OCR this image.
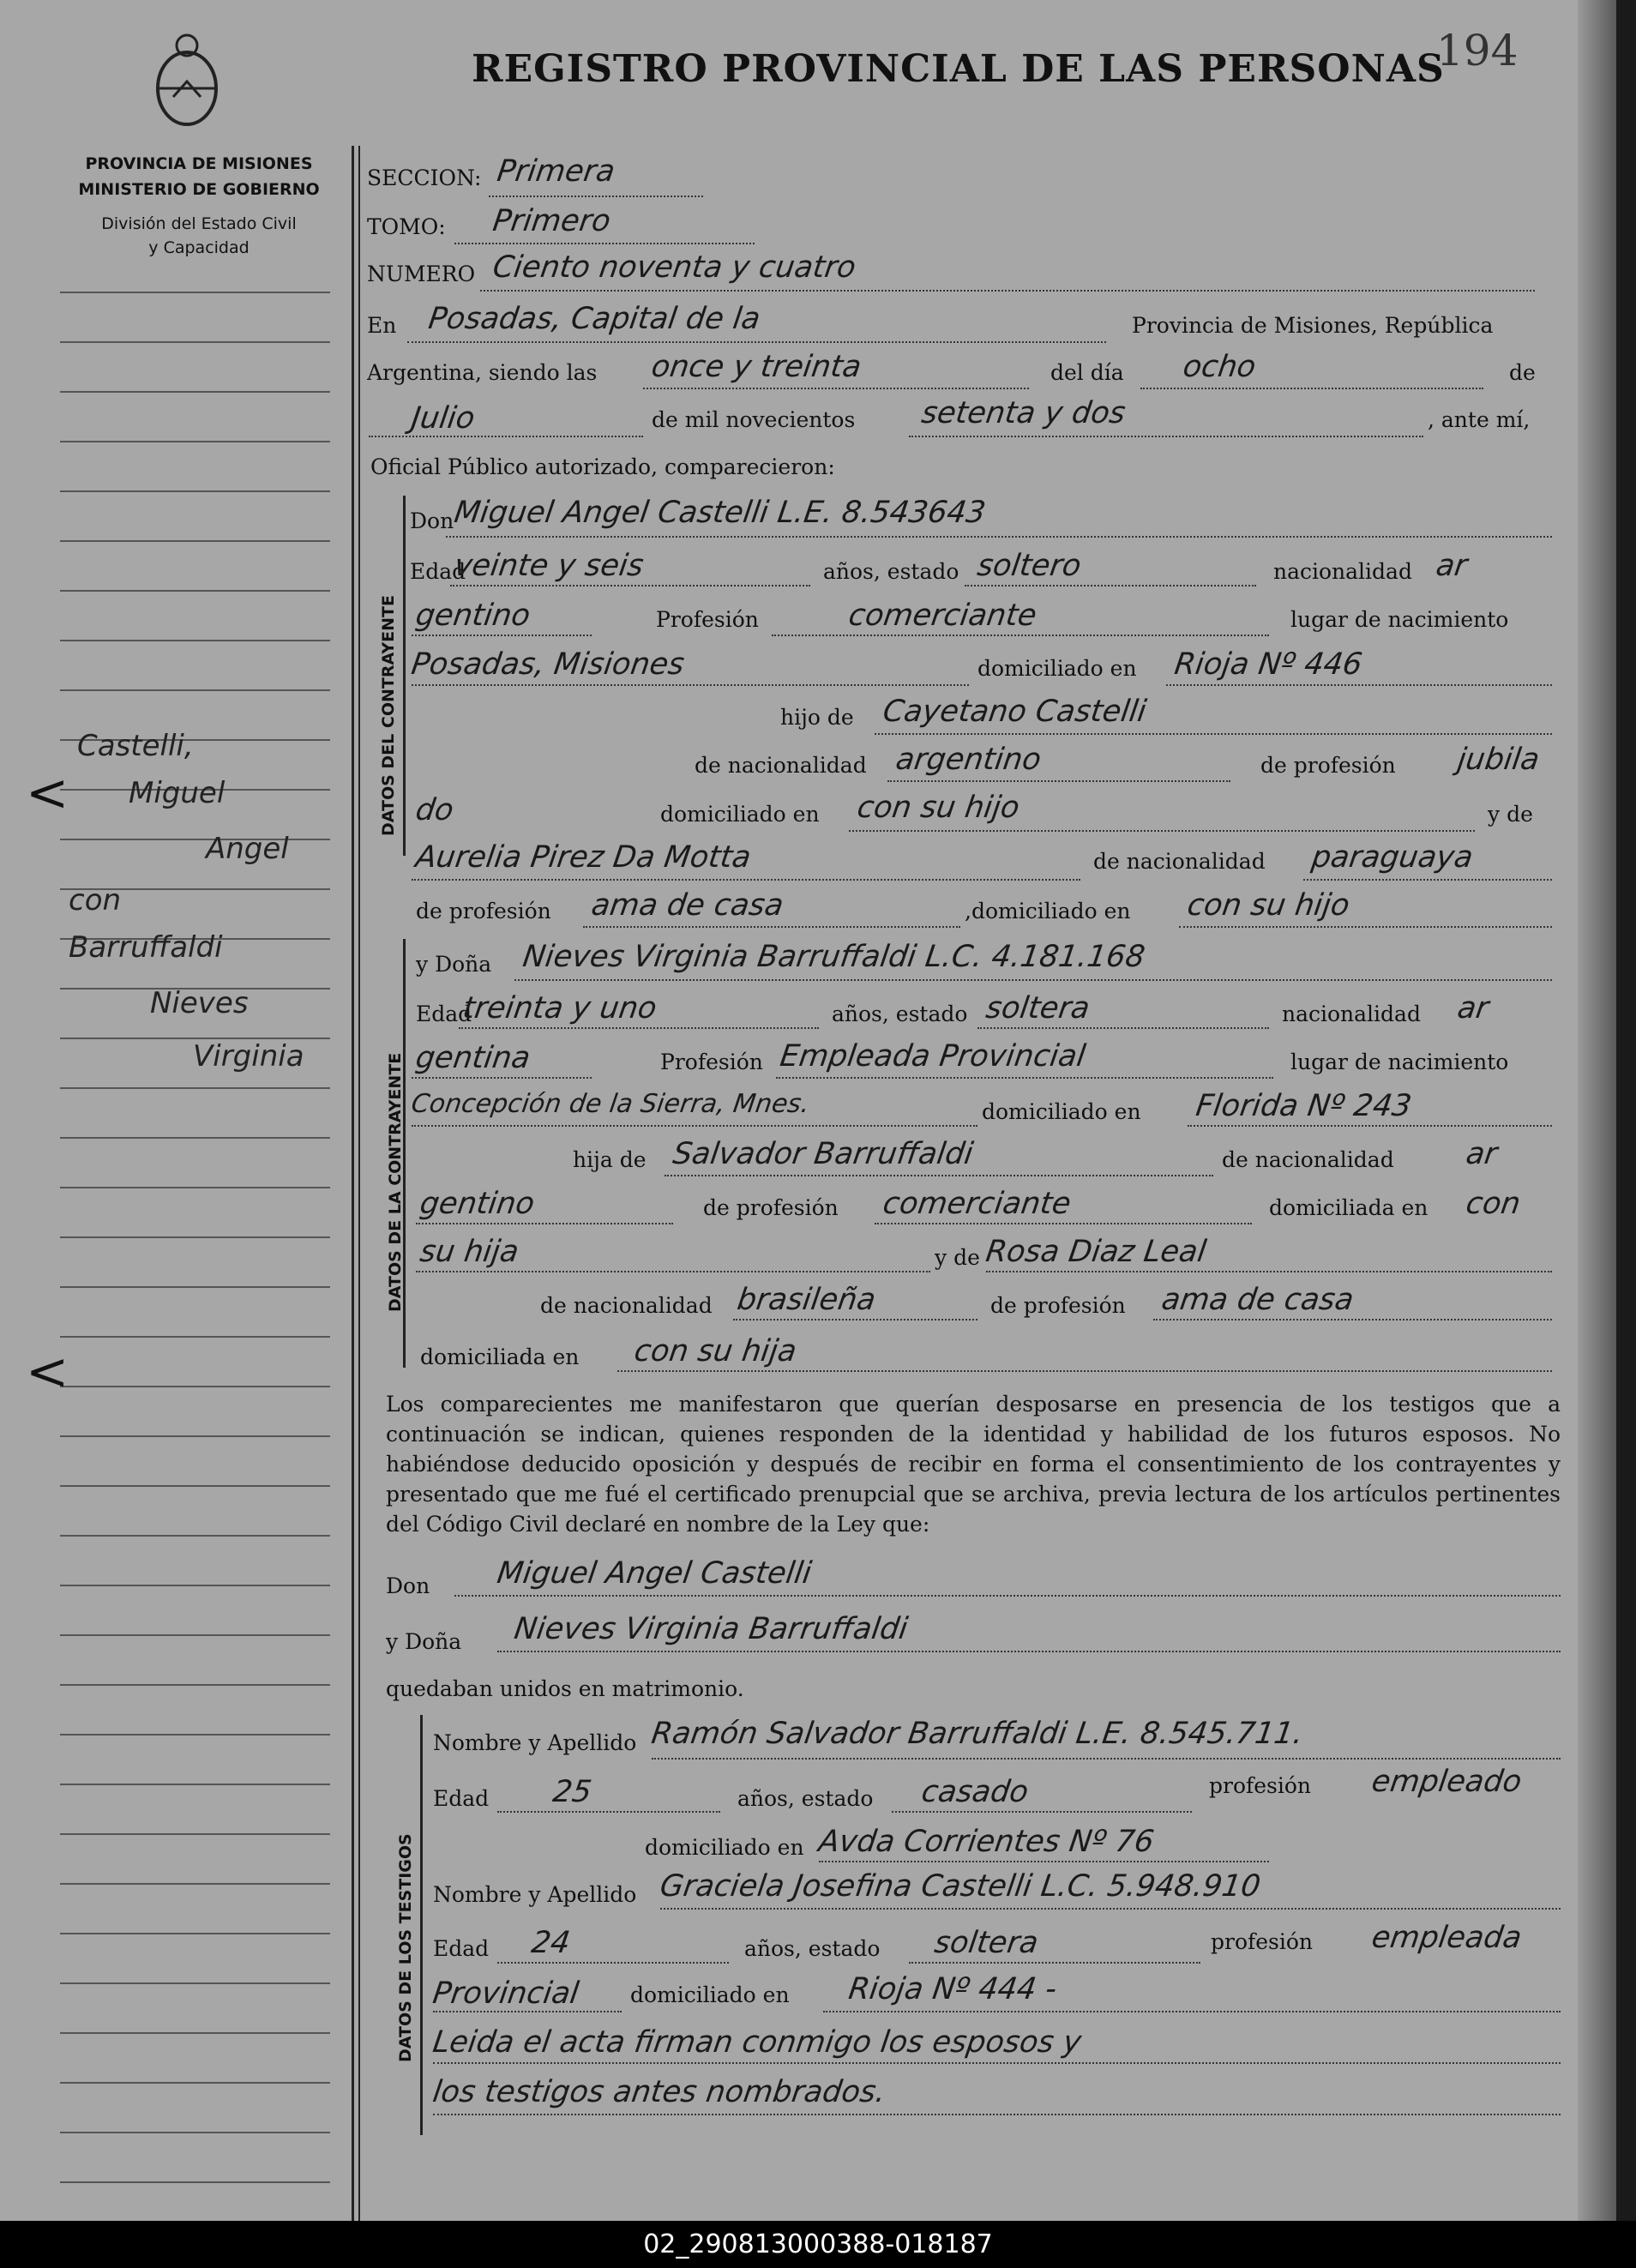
PROVINCIA DE MISIONES
MINISTERIO DE GOBIERNO
División del Estado Civil
y Capacidad
REGISTRO PROVINCIAL DE LAS PERSONAS
194
Castelli,
Miguel
Angel
con
Barruffaldi
Nieves
Virginia
<
<
DATOS DEL CONTRAYENTE
DATOS DE LA CONTRAYENTE
DATOS DE LOS TESTIGOS
SECCION: Primera
TOMO: Primero
NUMERO Ciento noventa y cuatro
En Posadas, Capital de la	Provincia de Misiones, República
Argentina, siendo las once y treinta	del día ocho	de
Julio	de mil novecientos setenta y dos	, ante mí,
Oficial Público autorizado, comparecieron:
Don
Miguel Angel Castelli L.E. 8.543643
Edad
veinte y seis	años, estado soltero	nacionalidad ar
gentino	Profesión	comerciante	lugar de nacimiento
Posadas, Misiones	domiciliado en Rioja Nº 446
hijo de Cayetano Castelli
de nacionalidad argentino	de profesión jubila
do	domiciliado en con su hijo	y de
Aurelia Pirez Da Motta	de nacionalidad paraguaya
de profesión ama de casa	,domiciliado en con su hijo
y Doña Nieves Virginia Barruffaldi L.C. 4.181.168
Edad
treinta y uno	años, estado soltera	nacionalidad ar
gentina	Profesión Empleada Provincial	lugar de nacimiento
Concepción de la Sierra, Mnes.	domiciliado en Florida Nº 243
hija de Salvador Barruffaldi	de nacionalidad ar
gentino	de profesión comerciante	domiciliada en con
su hija	y de Rosa Diaz Leal
de nacionalidad brasileña	de profesión ama de casa
domiciliada en con su hija
Los comparecientes me manifestaron que querían desposarse en presencia de los testigos que a continuación se indican, quienes responden de la identidad y habilidad de los futuros esposos. No habiéndose deducido oposición y después de recibir en forma el consentimiento de los contrayentes y presentado que me fué el certificado prenupcial que se archiva, previa lectura de los artículos pertinentes del Código Civil declaré en nombre de la Ley que:
Don Miguel Angel Castelli
y Doña Nieves Virginia Barruffaldi
quedaban unidos en matrimonio.
Nombre y Apellido Ramón Salvador Barruffaldi L.E. 8.545.711.
Edad 25	años, estado casado	profesión empleado
domiciliado en Avda Corrientes Nº 76
Nombre y Apellido Graciela Josefina Castelli L.C. 5.948.910
Edad 24	años, estado soltera	profesión empleada
Provincial domiciliado en Rioja Nº 444 -
Leida el acta firman conmigo los esposos y
los testigos antes nombrados.
02_290813000388-018187
